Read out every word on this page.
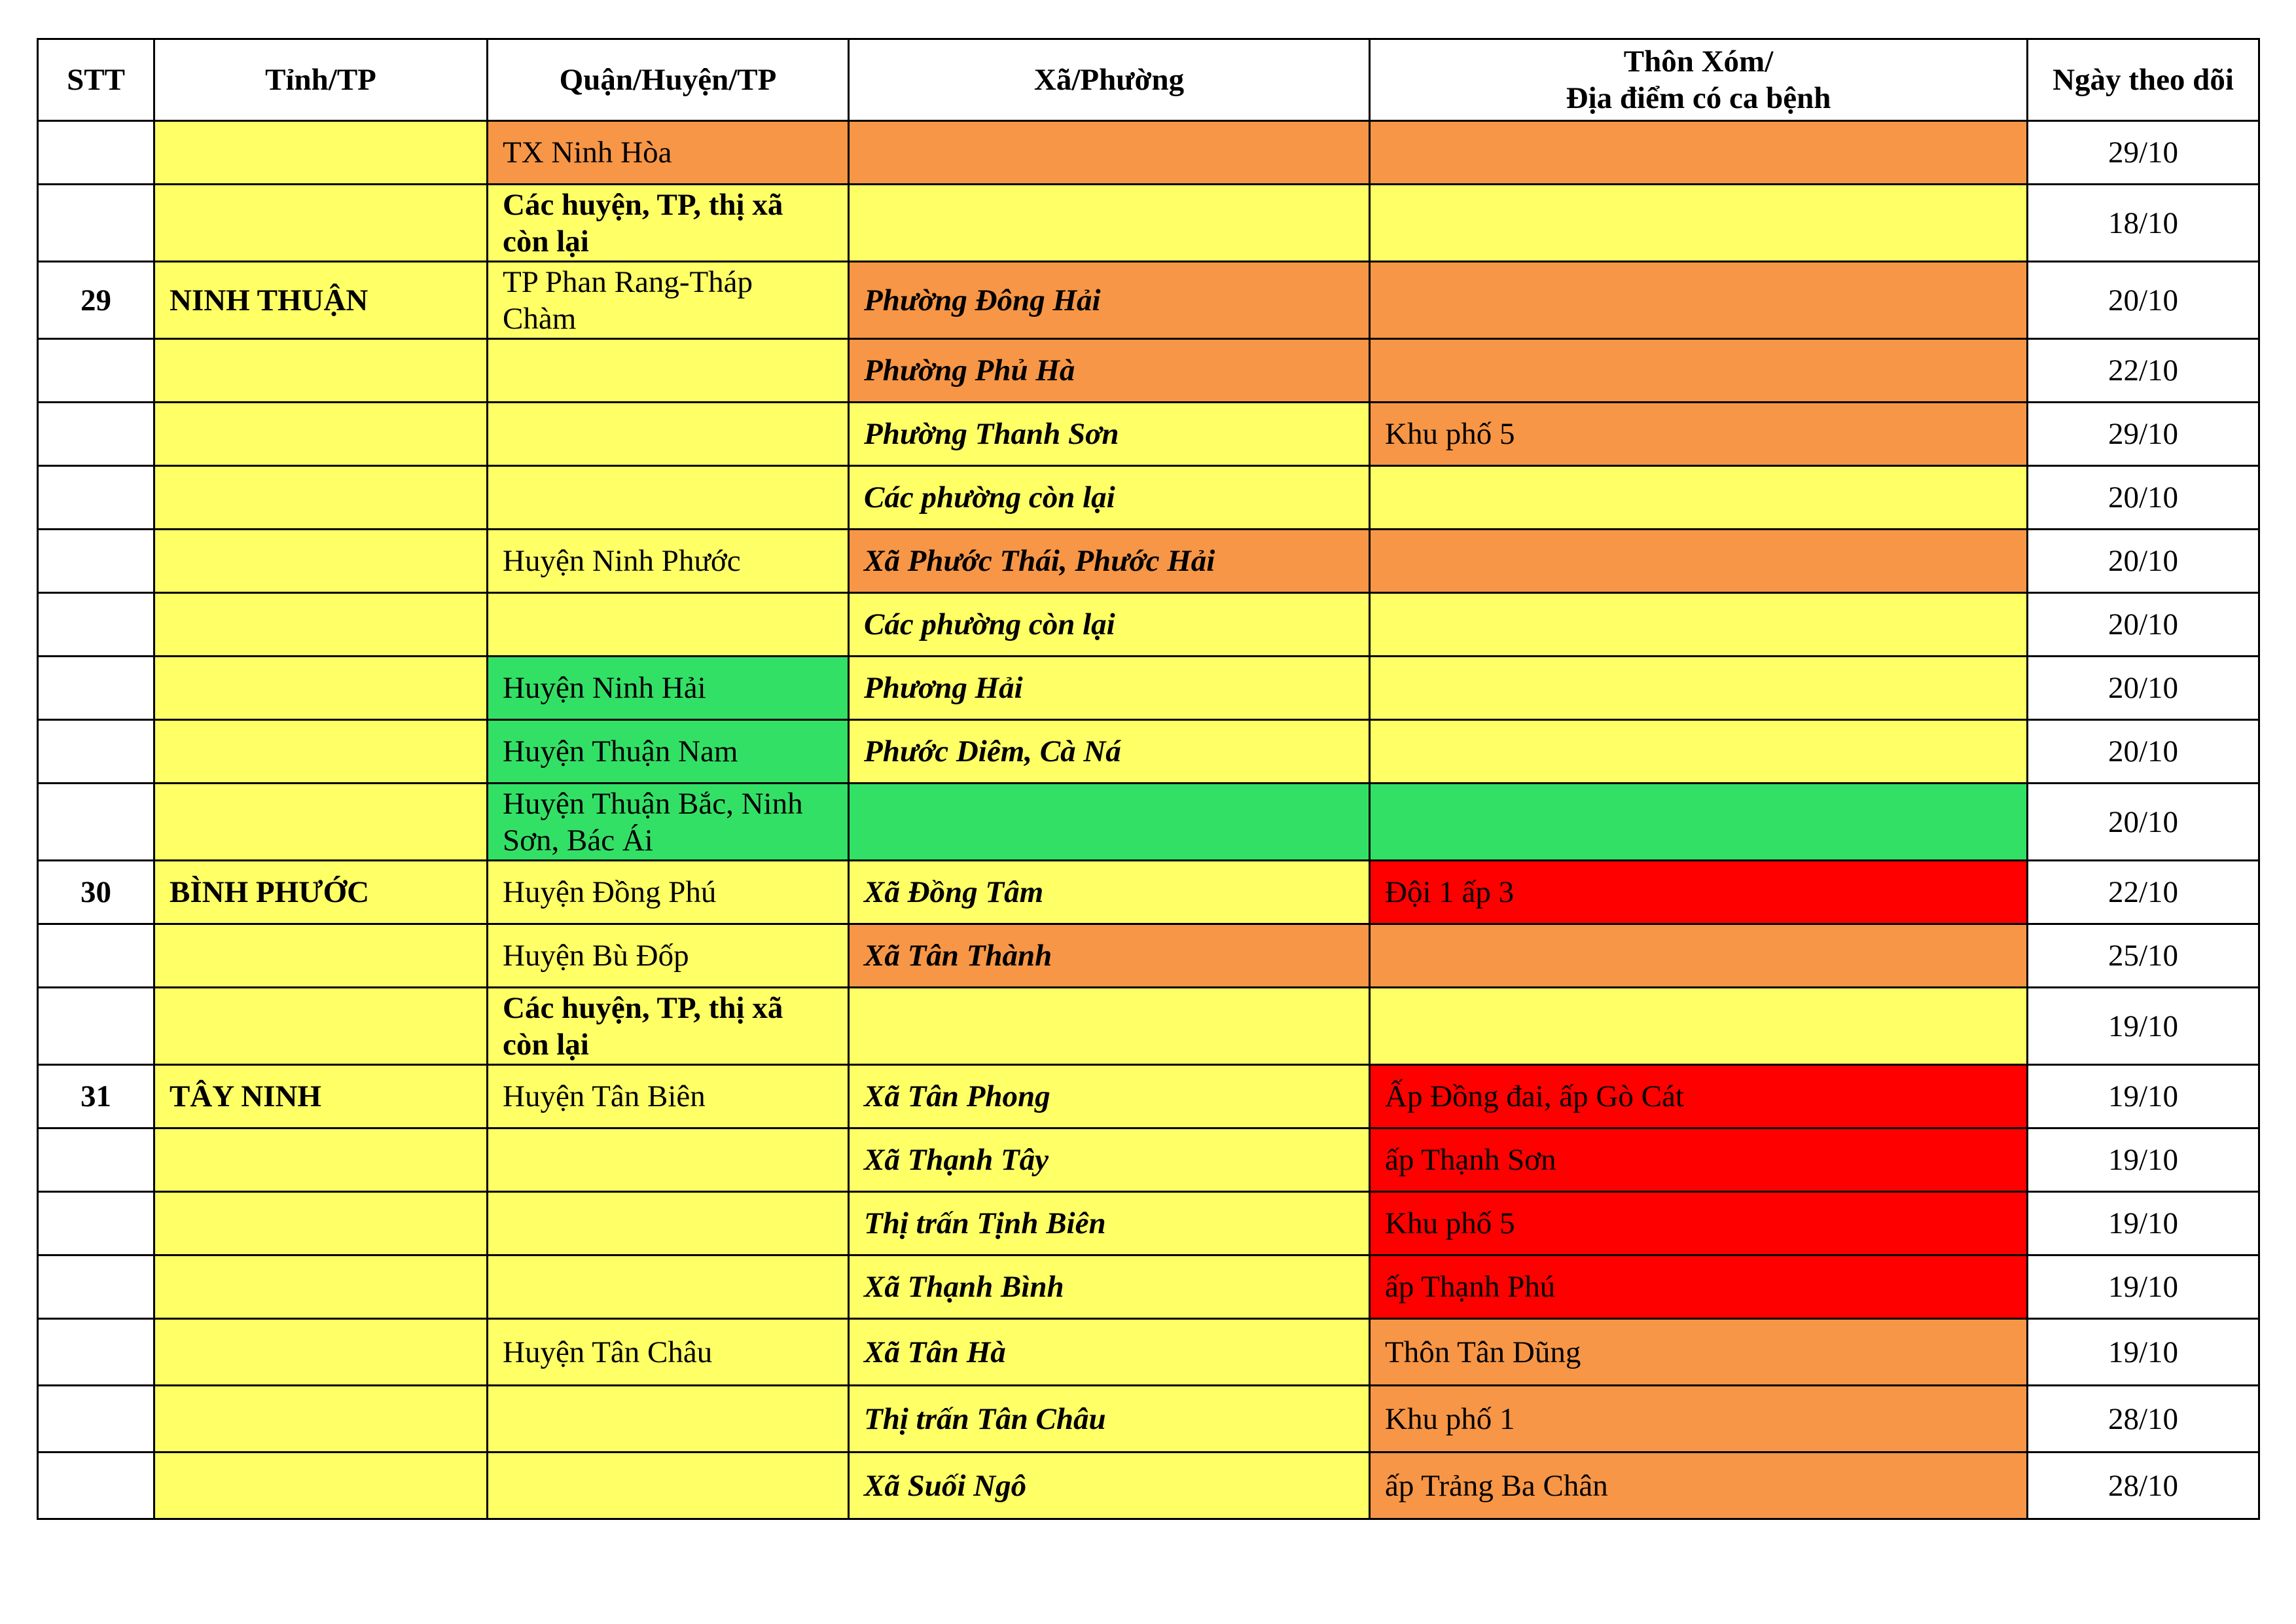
STT	Tỉnh/TP	Quận/Huyện/TP	Xã/Phường	Thôn Xóm/
Địa điểm có ca bệnh	Ngày theo dõi
		TX Ninh Hòa			29/10
		Các huyện, TP, thị xã còn lại			18/10
29	NINH THUẬN	TP Phan Rang-Tháp Chàm	Phường Đông Hải		20/10
			Phường Phủ Hà		22/10
			Phường Thanh Sơn	Khu phố 5	29/10
			Các phường còn lại		20/10
		Huyện Ninh Phước	Xã Phước Thái, Phước Hải		20/10
			Các phường còn lại		20/10
		Huyện Ninh Hải	Phương Hải		20/10
		Huyện Thuận Nam	Phước Diêm, Cà Ná		20/10
		Huyện Thuận Bắc, Ninh Sơn, Bác Ái			20/10
30	BÌNH PHƯỚC	Huyện Đồng Phú	Xã Đồng Tâm	Đội 1 ấp 3	22/10
		Huyện Bù Đốp	Xã Tân Thành		25/10
		Các huyện, TP, thị xã còn lại			19/10
31	TÂY NINH	Huyện Tân Biên	Xã Tân Phong	Ấp Đồng đai, ấp Gò Cát	19/10
			Xã Thạnh Tây	ấp Thạnh Sơn	19/10
			Thị trấn Tịnh Biên	Khu phố 5	19/10
			Xã Thạnh Bình	ấp Thạnh Phú	19/10
		Huyện Tân Châu	Xã Tân Hà	Thôn Tân Dũng	19/10
			Thị trấn Tân Châu	Khu phố 1	28/10
			Xã Suối Ngô	ấp Trảng Ba Chân	28/10
